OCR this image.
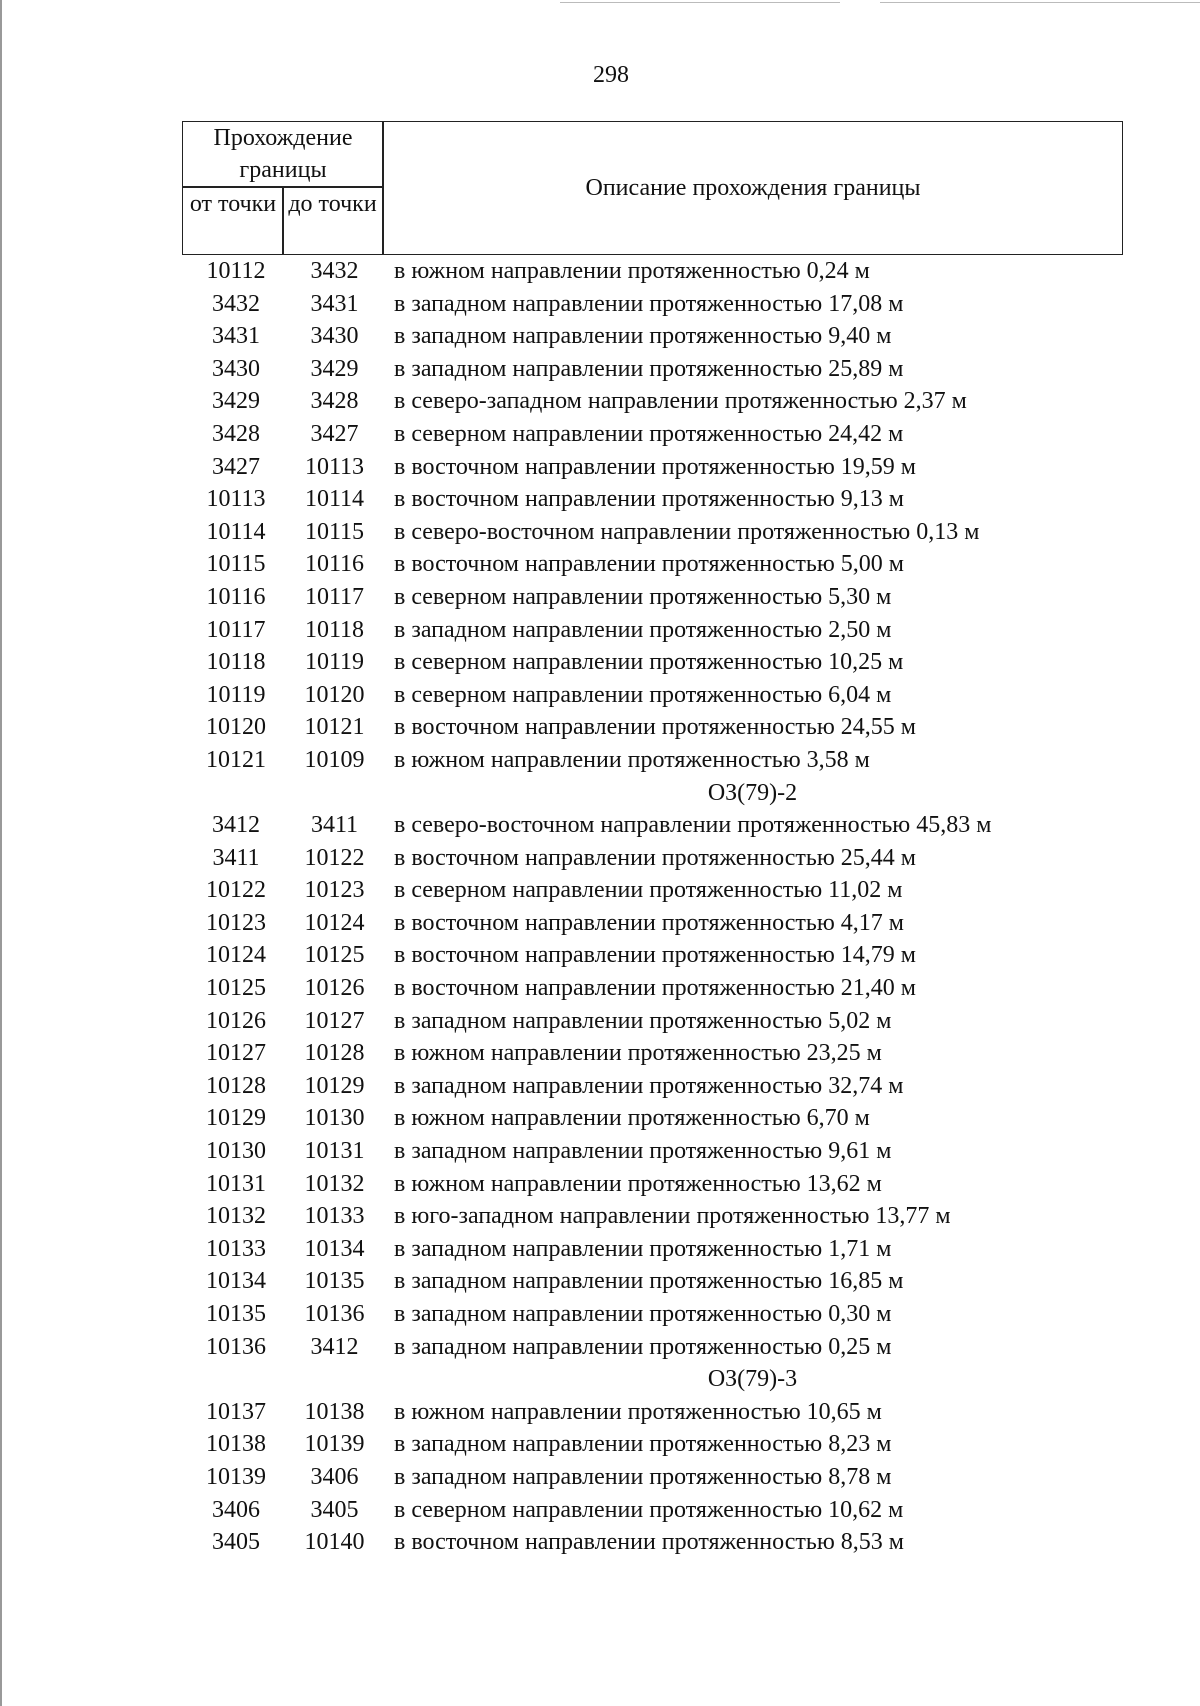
298
Прохождение границы
от точки до точки
Описание прохождения границы
10112	3432	в южном направлении протяженностью 0,24 м
3432	3431	в западном направлении протяженностью 17,08 м
3431	3430	в западном направлении протяженностью 9,40 м
3430	3429	в западном направлении протяженностью 25,89 м
3429	3428	в северо-западном направлении протяженностью 2,37 м
3428	3427	в северном направлении протяженностью 24,42 м
3427	10113	в восточном направлении протяженностью 19,59 м
10113	10114	в восточном направлении протяженностью 9,13 м
10114	10115	в северо-восточном направлении протяженностью 0,13 м
10115	10116	в восточном направлении протяженностью 5,00 м
10116	10117	в северном направлении протяженностью 5,30 м
10117	10118	в западном направлении протяженностью 2,50 м
10118	10119	в северном направлении протяженностью 10,25 м
10119	10120	в северном направлении протяженностью 6,04 м
10120	10121	в восточном направлении протяженностью 24,55 м
10121	10109	в южном направлении протяженностью 3,58 м
ОЗ(79)-2
3412	3411	в северо-восточном направлении протяженностью 45,83 м
3411	10122	в восточном направлении протяженностью 25,44 м
10122	10123	в северном направлении протяженностью 11,02 м
10123	10124	в восточном направлении протяженностью 4,17 м
10124	10125	в восточном направлении протяженностью 14,79 м
10125	10126	в восточном направлении протяженностью 21,40 м
10126	10127	в западном направлении протяженностью 5,02 м
10127	10128	в южном направлении протяженностью 23,25 м
10128	10129	в западном направлении протяженностью 32,74 м
10129	10130	в южном направлении протяженностью 6,70 м
10130	10131	в западном направлении протяженностью 9,61 м
10131	10132	в южном направлении протяженностью 13,62 м
10132	10133	в юго-западном направлении протяженностью 13,77 м
10133	10134	в западном направлении протяженностью 1,71 м
10134	10135	в западном направлении протяженностью 16,85 м
10135	10136	в западном направлении протяженностью 0,30 м
10136	3412	в западном направлении протяженностью 0,25 м
ОЗ(79)-3
10137	10138	в южном направлении протяженностью 10,65 м
10138	10139	в западном направлении протяженностью 8,23 м
10139	3406	в западном направлении протяженностью 8,78 м
3406	3405	в северном направлении протяженностью 10,62 м
3405	10140	в восточном направлении протяженностью 8,53 м
